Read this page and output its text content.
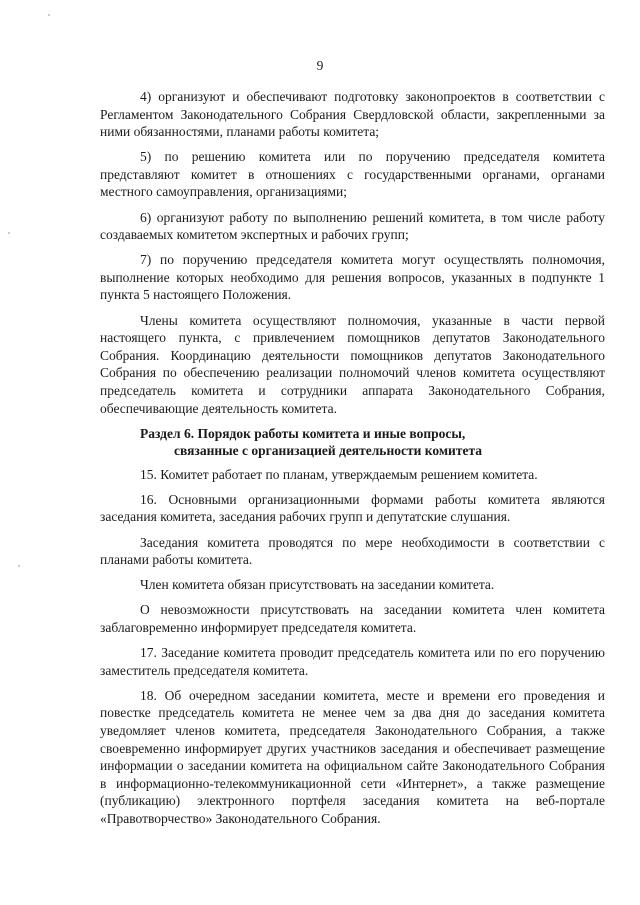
9

4) организуют и обеспечивают подготовку законопроектов в соответствии с Регламентом Законодательного Собрания Свердловской области, закрепленными за ними обязанностями, планами работы комитета;

5) по решению комитета или по поручению председателя комитета представляют комитет в отношениях с государственными органами, органами местного самоуправления, организациями;

6) организуют работу по выполнению решений комитета, в том числе работу создаваемых комитетом экспертных и рабочих групп;

7) по поручению председателя комитета могут осуществлять полномочия, выполнение которых необходимо для решения вопросов, указанных в подпункте 1 пункта 5 настоящего Положения.

Члены комитета осуществляют полномочия, указанные в части первой настоящего пункта, с привлечением помощников депутатов Законодательного Собрания. Координацию деятельности помощников депутатов Законодательного Собрания по обеспечению реализации полномочий членов комитета осуществляют председатель комитета и сотрудники аппарата Законодательного Собрания, обеспечивающие деятельность комитета.

Раздел 6. Порядок работы комитета и иные вопросы,
связанные с организацией деятельности комитета

15. Комитет работает по планам, утверждаемым решением комитета.

16. Основными организационными формами работы комитета являются заседания комитета, заседания рабочих групп и депутатские слушания.

Заседания комитета проводятся по мере необходимости в соответствии с планами работы комитета.

Член комитета обязан присутствовать на заседании комитета.

О невозможности присутствовать на заседании комитета член комитета заблаговременно информирует председателя комитета.

17. Заседание комитета проводит председатель комитета или по его поручению заместитель председателя комитета.

18. Об очередном заседании комитета, месте и времени его проведения и повестке председатель комитета не менее чем за два дня до заседания комитета уведомляет членов комитета, председателя Законодательного Собрания, а также своевременно информирует других участников заседания и обеспечивает размещение информации о заседании комитета на официальном сайте Законодательного Собрания в информационно-телекоммуникационной сети «Интернет», а также размещение (публикацию) электронного портфеля заседания комитета на веб-портале «Правотворчество» Законодательного Собрания.
